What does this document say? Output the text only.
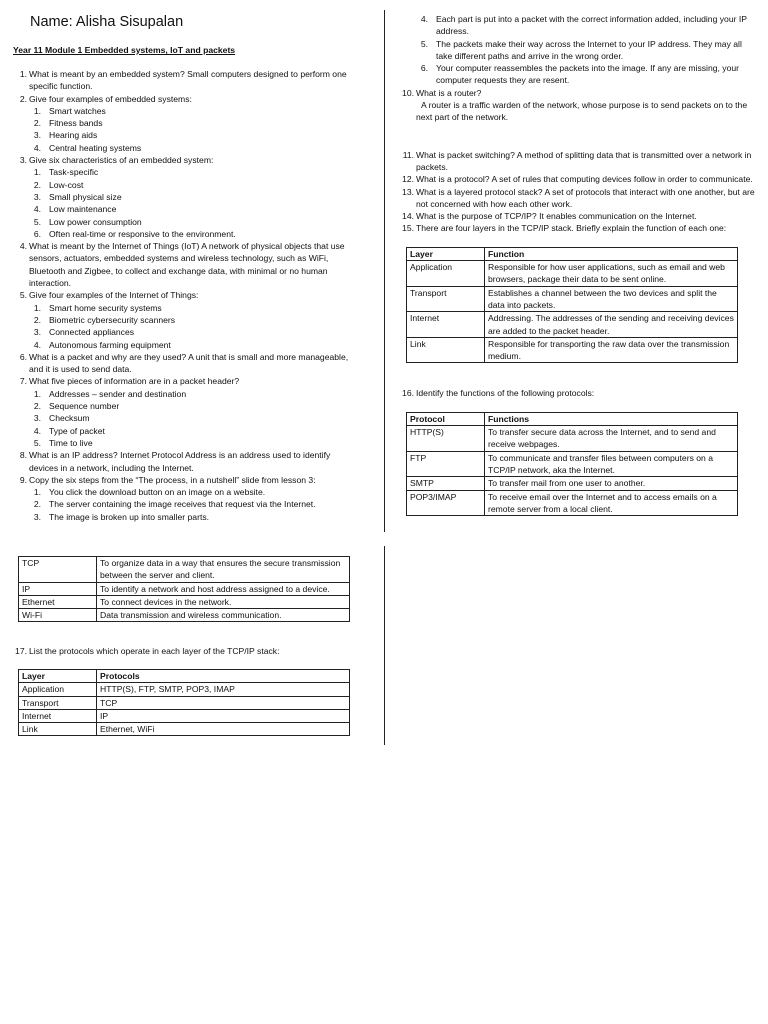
Name: Alisha Sisupalan
Year 11 Module 1 Embedded systems, IoT and packets
1 . What is meant by an embedded system? Small computers designed to perform one specific function.
2 . Give four examples of embedded systems:
1 . Smart watches
2 . Fitness bands
3 . Hearing aids
4 . Central heating systems
3 . Give six characteristics of an embedded system:
1 . Task-specific
2 . Low-cost
3 . Small physical size
4 . Low maintenance
5 . Low power consumption
6 . Often real-time or responsive to the environment.
4 . What is meant by the Internet of Things (IoT) A network of physical objects that use sensors, actuators, embedded systems and wireless technology, such as WiFi, Bluetooth and Zigbee, to collect and exchange data, with minimal or no human interaction.
5 . Give four examples of the Internet of Things:
1 . Smart home security systems
2 . Biometric cybersecurity scanners
3 . Connected appliances
4 . Autonomous farming equipment
6 . What is a packet and why are they used? A unit that is small and more manageable, and it is used to send data.
7 . What five pieces of information are in a packet header?
1 . Addresses – sender and destination
2 . Sequence number
3 . Checksum
4 . Type of packet
5 . Time to live
8 . What is an IP address? Internet Protocol Address is an address used to identify devices in a network, including the Internet.
9 . Copy the six steps from the “The process, in a nutshell” slide from lesson 3:
1 . You click the download button on an image on a website.
2 . The server containing the image receives that request via the Internet.
3 . The image is broken up into smaller parts.
4 . Each part is put into a packet with the correct information added, including your IP address.
5 . The packets make their way across the Internet to your IP address. They may all take different paths and arrive in the wrong order.
6 . Your computer reassembles the packets into the image. If any are missing, your computer requests they are resent.
10 . What is a router?
A router is a traffic warden of the network, whose purpose is to send packets on to the next part of the network.
11 . What is packet switching? A method of splitting data that is transmitted over a network in packets.
12 . What is a protocol? A set of rules that computing devices follow in order to communicate.
13 . What is a layered protocol stack? A set of protocols that interact with one another, but are not concerned with how each other work.
14 . What is the purpose of TCP/IP? It enables communication on the Internet.
15 . There are four layers in the TCP/IP stack. Briefly explain the function of each one:
Layer	Function
Application	Responsible for how user applications, such as email and web browsers, package their data to be sent online.
Transport	Establishes a channel between the two devices and split the data into packets.
Internet	Addressing. The addresses of the sending and receiving devices are added to the packet header.
Link	Responsible for transporting the raw data over the transmission medium.
16 . Identify the functions of the following protocols:
Protocol	Functions
HTTP(S)	To transfer secure data across the Internet, and to send and receive webpages.
FTP	To communicate and transfer files between computers on a TCP/IP network, aka the Internet.
SMTP	To transfer mail from one user to another.
POP3/IMAP	To receive email over the Internet and to access emails on a remote server from a local client.
TCP	To organize data in a way that ensures the secure transmission between the server and client.
IP	To identify a network and host address assigned to a device.
Ethernet	To connect devices in the network.
Wi-Fi	Data transmission and wireless communication.
17 . List the protocols which operate in each layer of the TCP/IP stack:
Layer	Protocols
Application	HTTP(S), FTP, SMTP, POP3, IMAP
Transport	TCP
Internet	IP
Link	Ethernet, WiFi
